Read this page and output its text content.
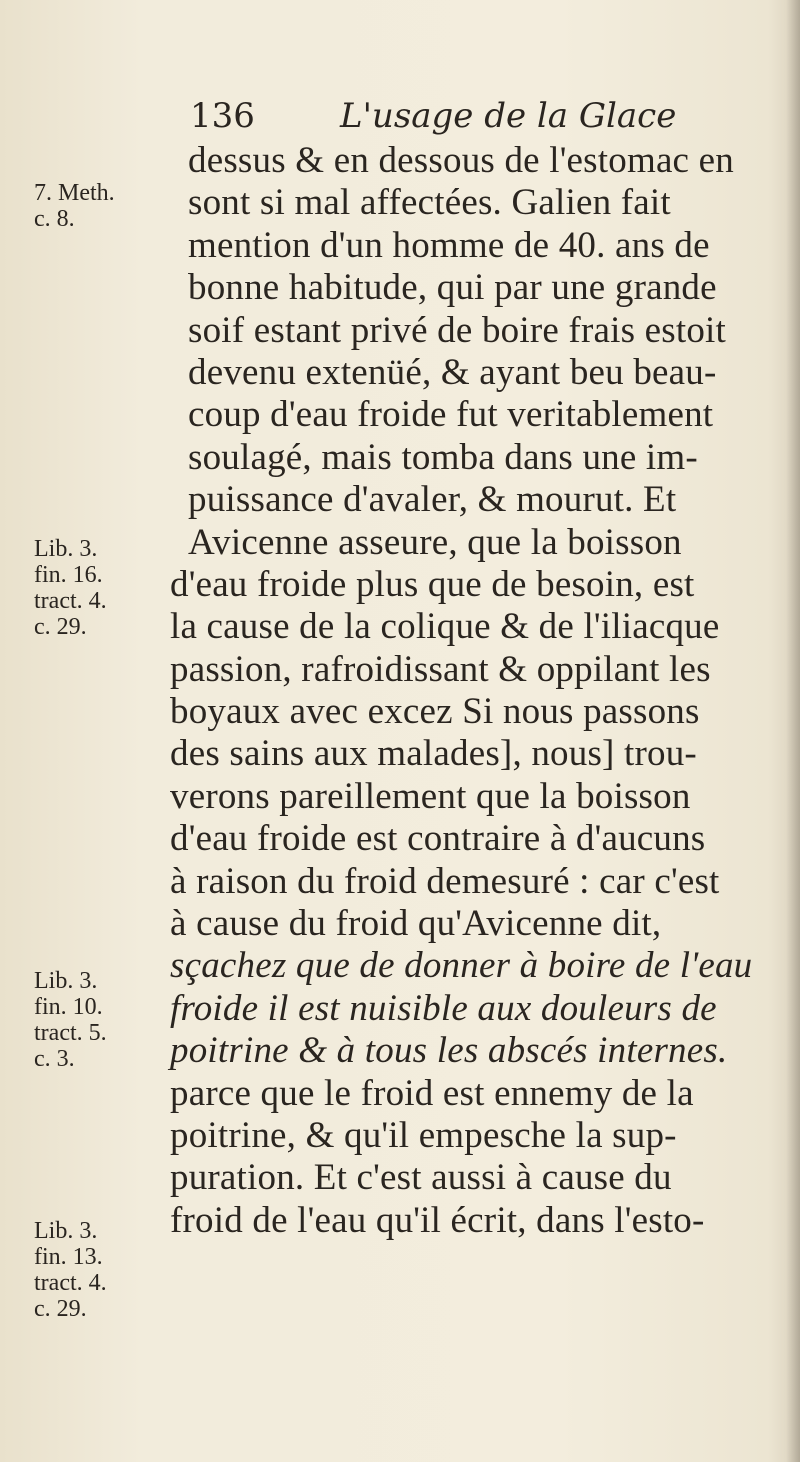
136	L'usage de la Glace
dessus & en dessous de l'estomac en
sont si mal affectées. Galien fait
mention d'un homme de 40. ans de
bonne habitude, qui par une grande
soif estant privé de boire frais estoit
devenu extenüé, & ayant beu beau-
coup d'eau froide fut veritablement
soulagé, mais tomba dans une im-
puissance d'avaler, & mourut. Et
Avicenne asseure, que la boisson
d'eau froide plus que de besoin, est
la cause de la colique & de l'iliacque
passion, rafroidissant & oppilant les
boyaux avec excez Si nous passons
des sains aux malades], nous] trou-
verons pareillement que la boisson
d'eau froide est contraire à d'aucuns
à raison du froid demesuré : car c'est
à cause du froid qu'Avicenne dit,
sçachez que de donner à boire de l'eau
froide il est nuisible aux douleurs de
poitrine & à tous les abscés internes.
parce que le froid est ennemy de la
poitrine, & qu'il empesche la sup-
puration. Et c'est aussi à cause du
froid de l'eau qu'il écrit, dans l'esto-
7. Meth.
c. 8.
Lib. 3.
fin. 16.
tract. 4.
c. 29.
Lib. 3.
fin. 10.
tract. 5.
c. 3.
Lib. 3.
fin. 13.
tract. 4.
c. 29.
